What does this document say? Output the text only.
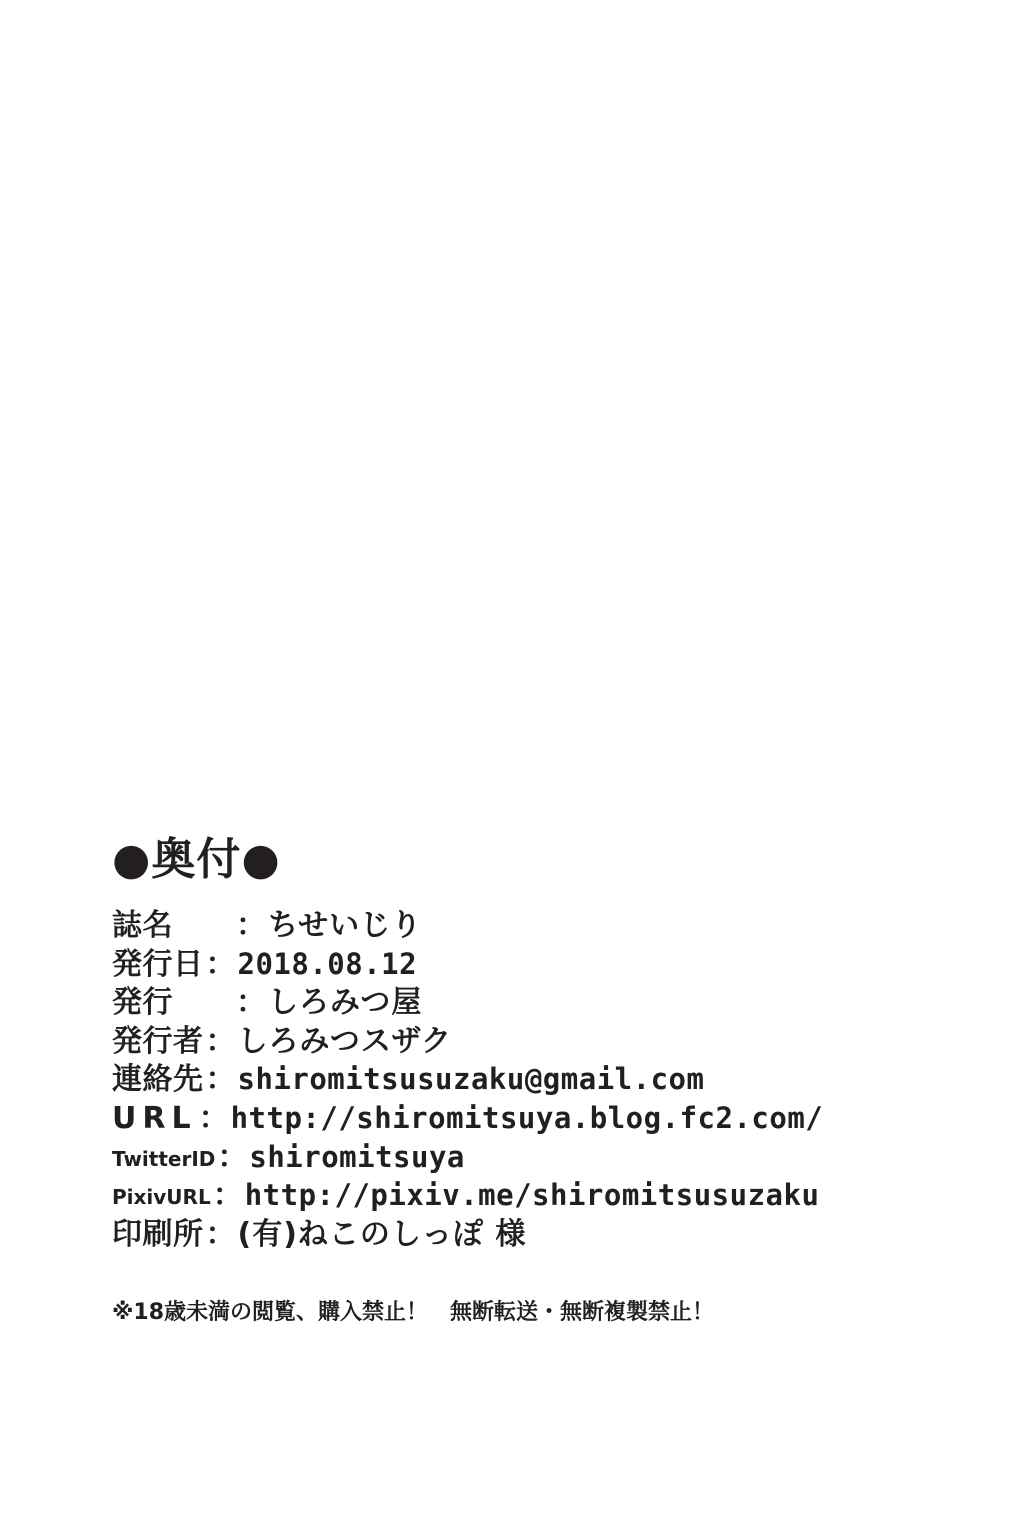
●奥付●
誌名	： ちせいじり
発行日 ： 2018.08.12
発行	： しろみつ屋
発行者 ： しろみつスザク
連絡先 ： shiromitsusuzaku@gmail.com
URL ： http://shiromitsuya.blog.fc2.com/
TwitterID ： shiromitsuya
PixivURL ： http://pixiv.me/shiromitsusuzaku
印刷所 ： (有)ねこのしっぽ 様
※18歳未満の閲覧、購入禁止！　無断転送・無断複製禁止！
